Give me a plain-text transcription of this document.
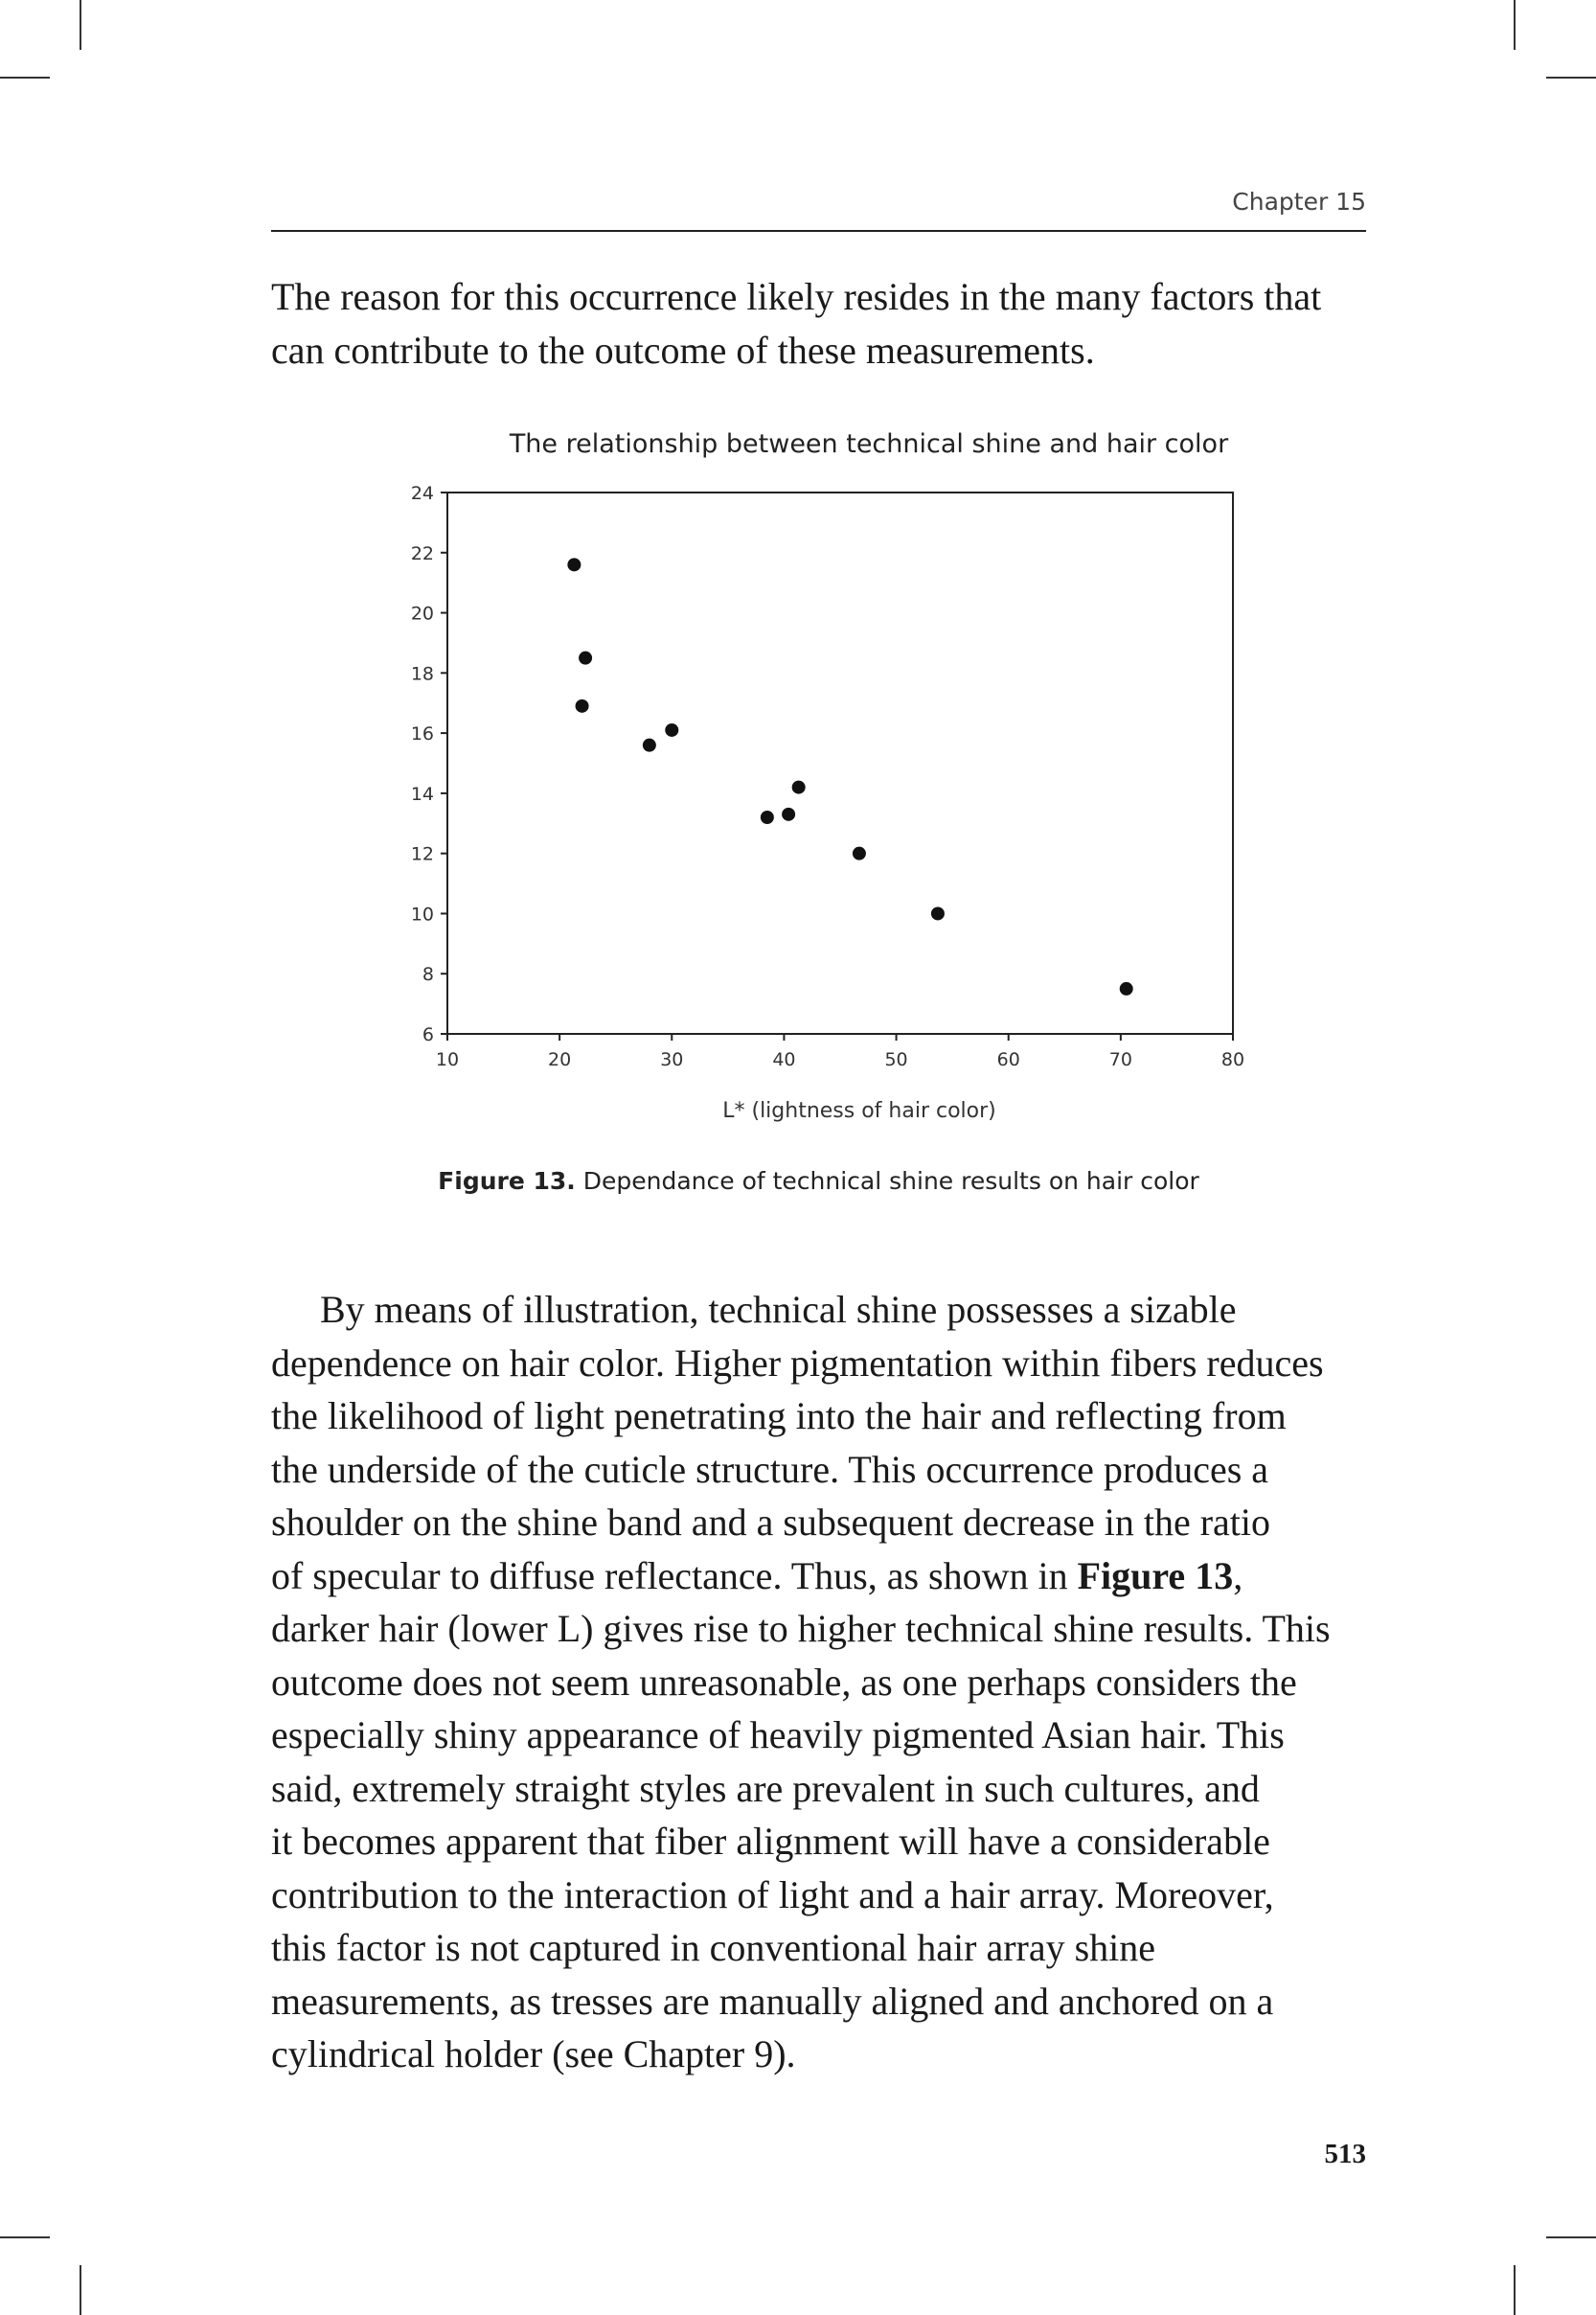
Chapter 15
The reason for this occurrence likely resides in the many factors that
can contribute to the outcome of these measurements.
The relationship between technical shine and hair color
6
8
10
12
14
16
18
20
22
24
10	20	30	40	50	60	70	80
L* (lightness of hair color)
Figure 13. Dependance of technical shine results on hair color
By means of illustration, technical shine possesses a sizable
dependence on hair color. Higher pigmentation within fibers reduces
the likelihood of light penetrating into the hair and reflecting from
the underside of the cuticle structure. This occurrence produces a
shoulder on the shine band and a subsequent decrease in the ratio
of specular to diffuse reflectance. Thus, as shown in Figure 13,
darker hair (lower L) gives rise to higher technical shine results. This
outcome does not seem unreasonable, as one perhaps considers the
especially shiny appearance of heavily pigmented Asian hair. This
said, extremely straight styles are prevalent in such cultures, and
it becomes apparent that fiber alignment will have a considerable
contribution to the interaction of light and a hair array. Moreover,
this factor is not captured in conventional hair array shine
measurements, as tresses are manually aligned and anchored on a
cylindrical holder (see Chapter 9).
513
